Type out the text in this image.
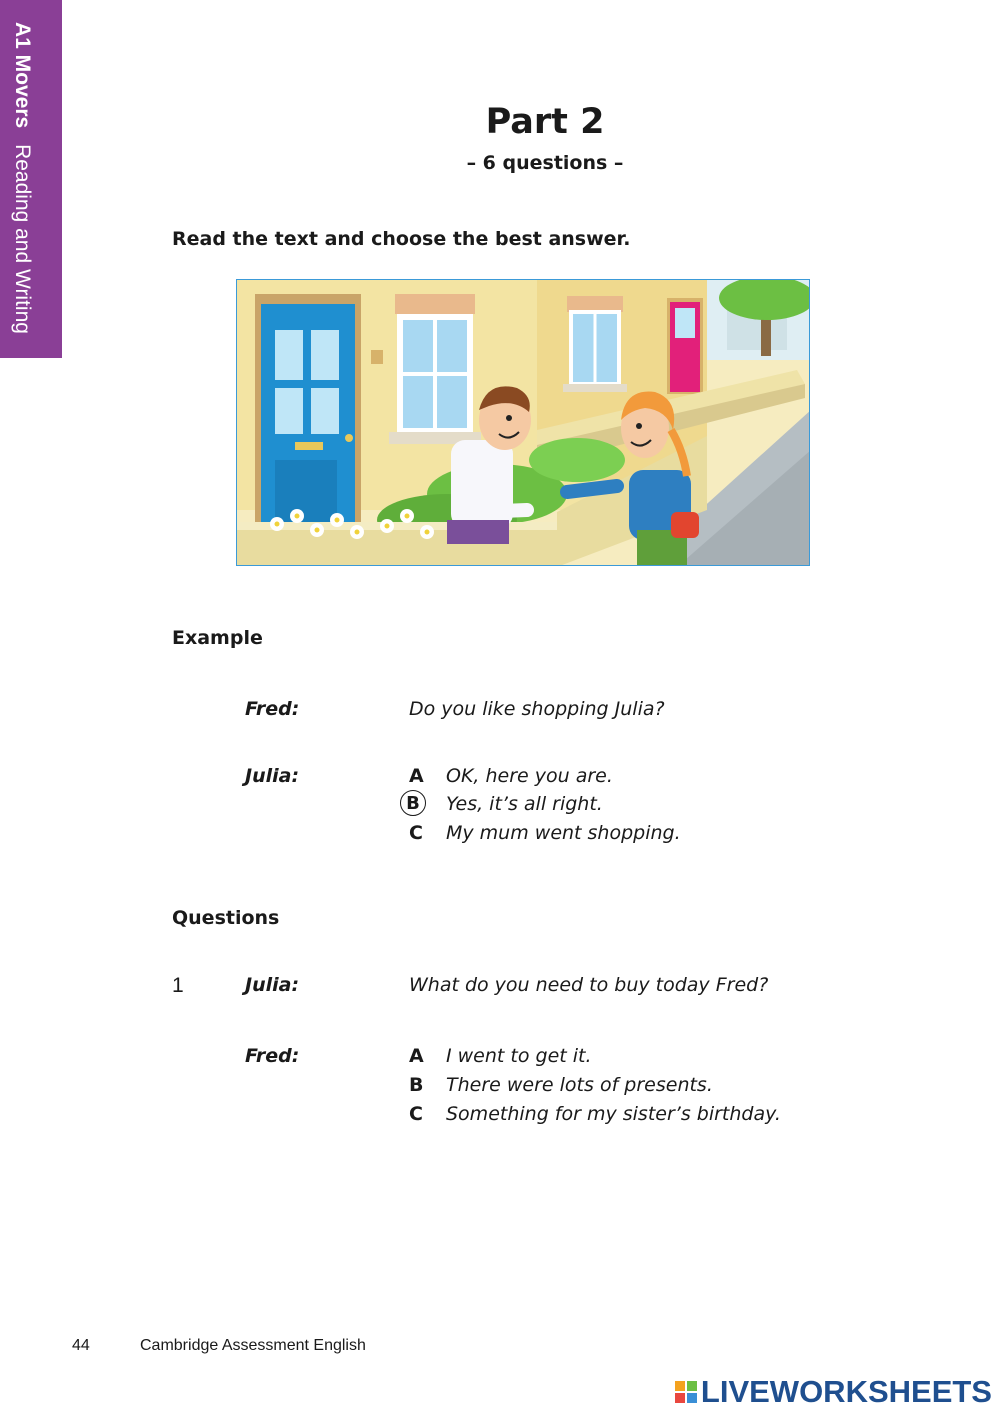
A1 Movers Reading and Writing
Part 2
– 6 questions –
Read the text and choose the best answer.
Example
Fred:	Do you like shopping Julia?
Julia:	A OK, here you are.
B	Yes, it’s all right.
C My mum went shopping.
Questions
1	Julia:	What do you need to buy today Fred?
Fred:	A I went to get it.
B There were lots of presents.
C Something for my sister’s birthday.
44	Cambridge Assessment English
LIVEWORKSHEETS
